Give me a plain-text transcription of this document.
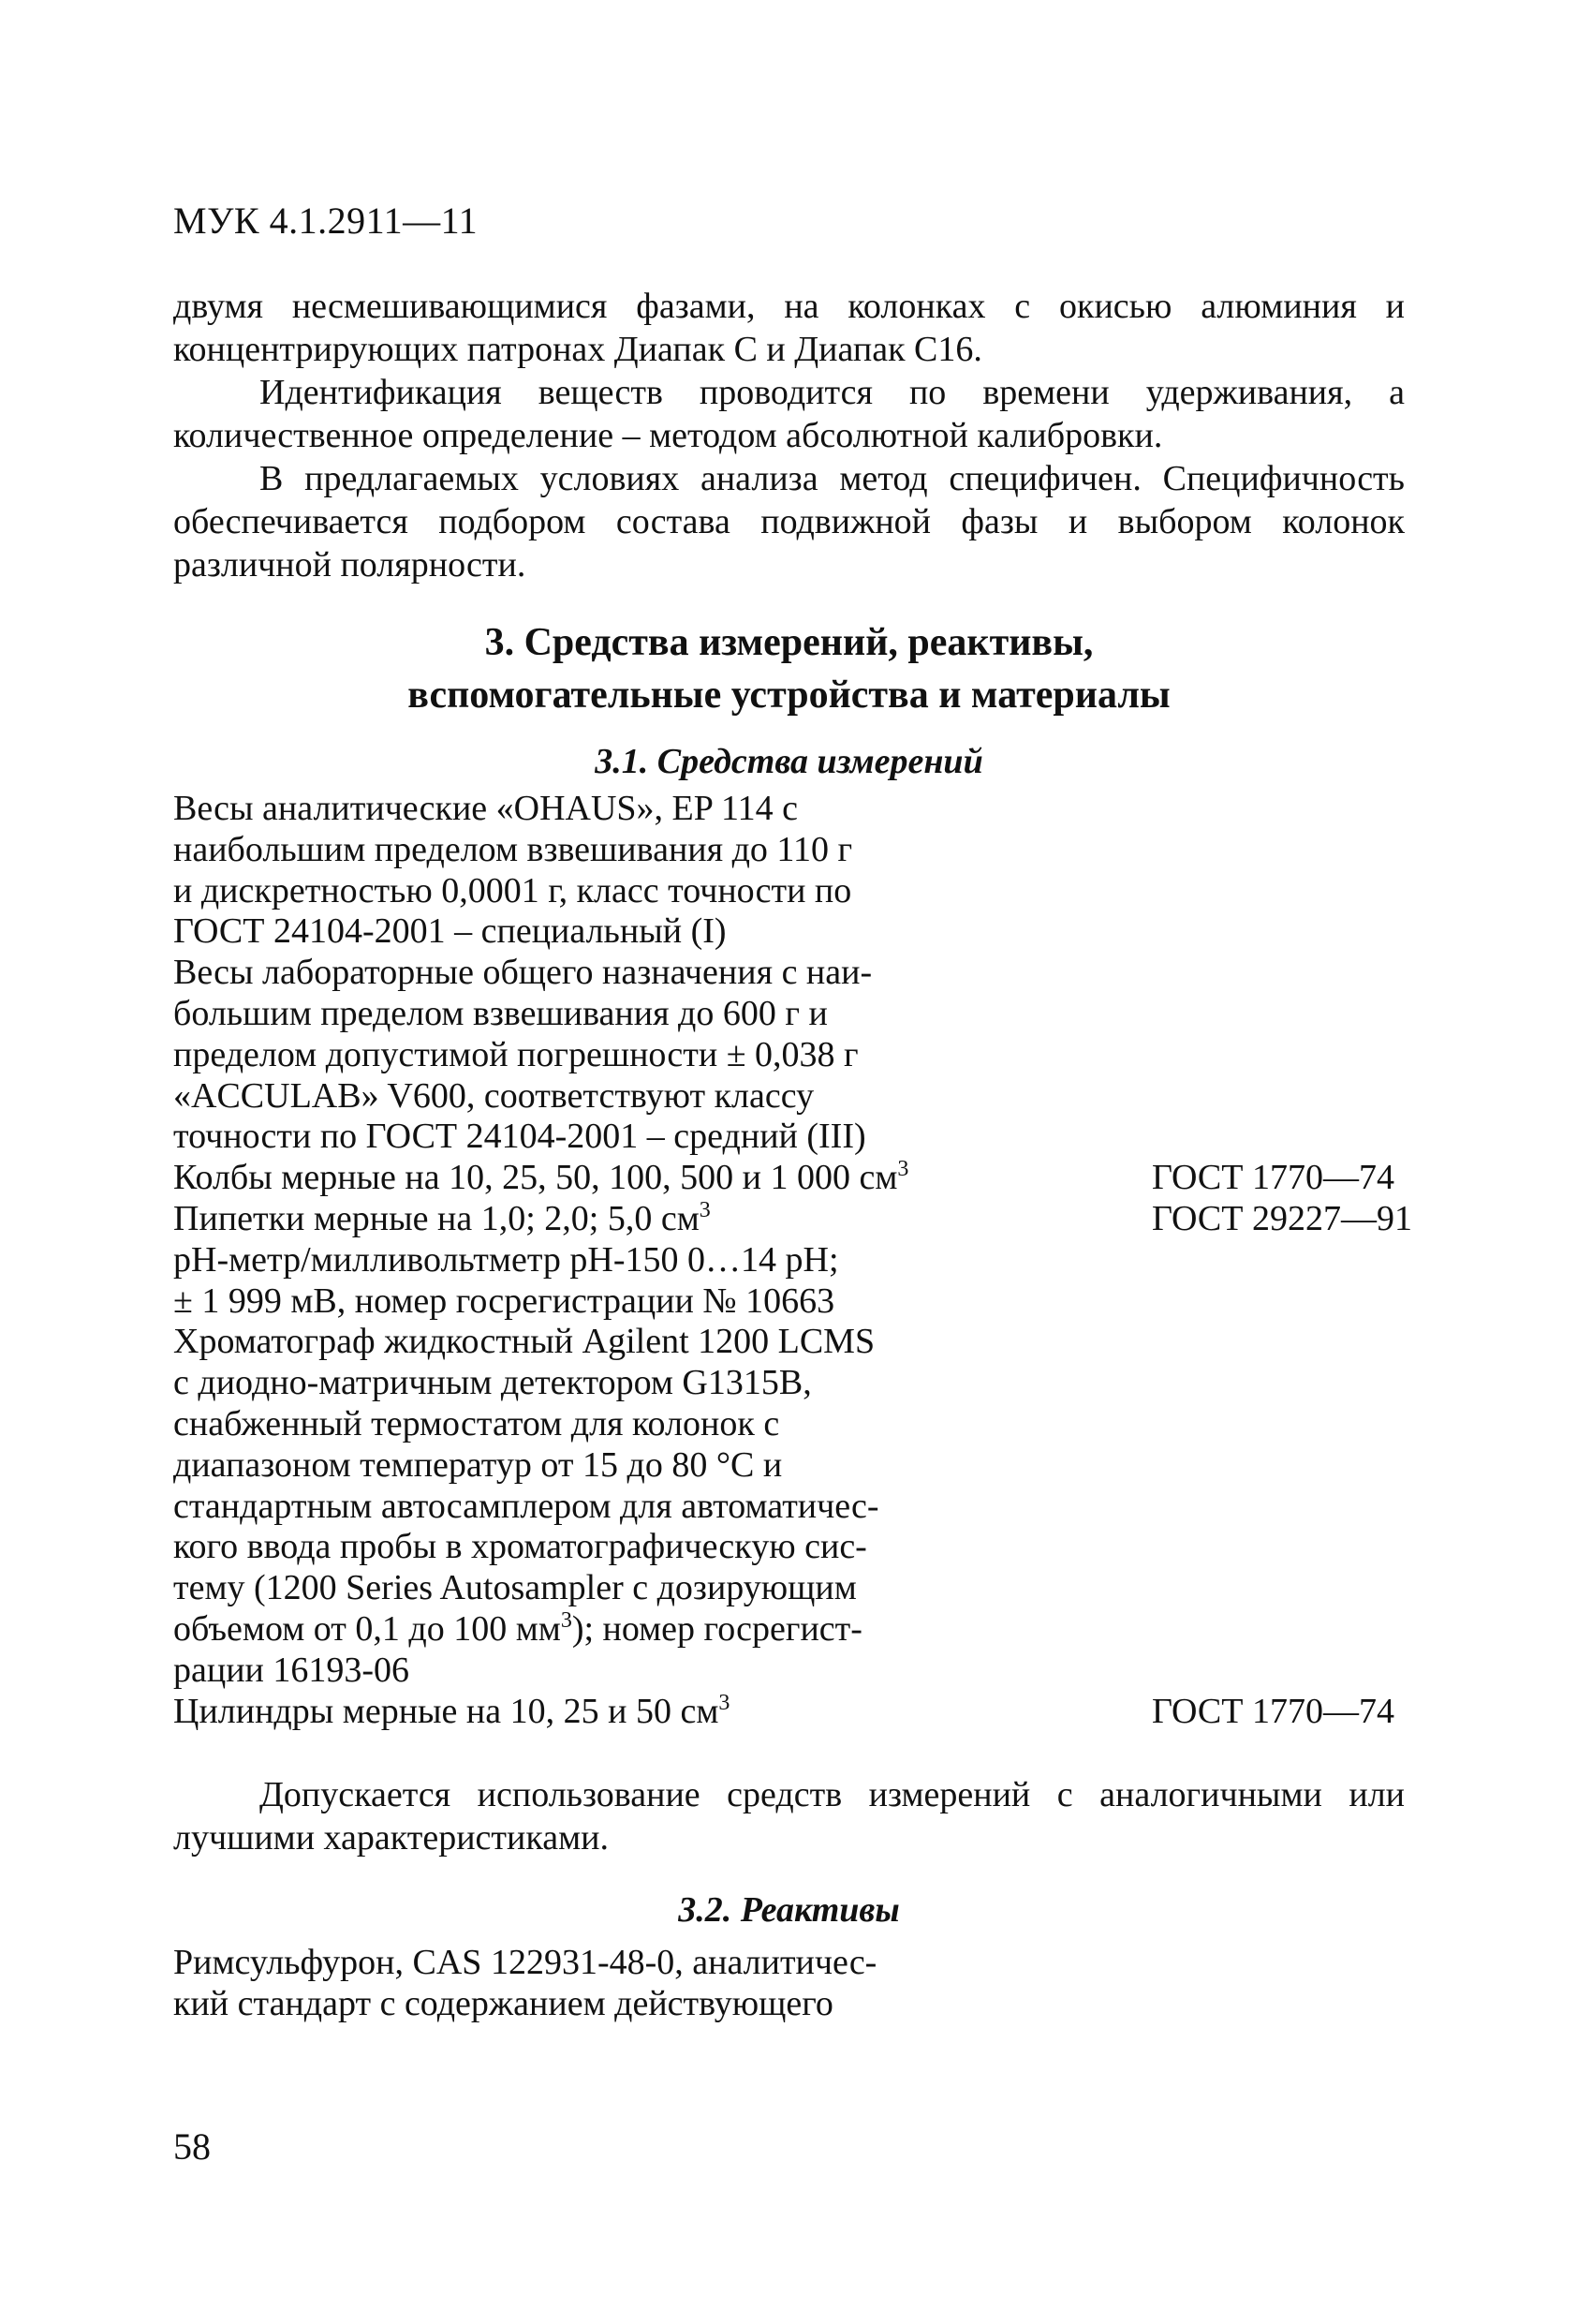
МУК 4.1.2911—11

двумя несмешивающимися фазами, на колонках с окисью алюминия и концентрирующих патронах Диапак С и Диапак С16.

Идентификация веществ проводится по времени удерживания, а количественное определение – методом абсолютной калибровки.

В предлагаемых условиях анализа метод специфичен. Специфичность обеспечивается подбором состава подвижной фазы и выбором колонок различной полярности.

3. Средства измерений, реактивы,
вспомогательные устройства и материалы
3.1. Средства измерений
Весы аналитические «OHAUS», EP 114 с
наибольшим пределом взвешивания до 110 г
и дискретностью 0,0001 г, класс точности по
ГОСТ 24104-2001 – специальный (I)
Весы лабораторные общего назначения с наи-
большим пределом взвешивания до 600 г и
пределом допустимой погрешности ± 0,038 г
«ACCULAB» V600, соответствуют классу
точности по ГОСТ 24104-2001 – средний (III)
Колбы мерные на 10, 25, 50, 100, 500 и 1 000 $см^3$	ГОСТ 1770—74
Пипетки мерные на 1,0; 2,0; 5,0 $см^3$	ГОСТ 29227—91
pH-метр/милливольтметр pH-150 0…14 pH;
± 1 999 мВ, номер госрегистрации № 10663
Хроматограф жидкостный Agilent 1200 LCMS
с диодно-матричным детектором G1315B,
снабженный термостатом для колонок с
диапазоном температур от 15 до 80 °С и
стандартным автосамплером для автоматичес-
кого ввода пробы в хроматографическую сис-
тему (1200 Series Autosampler с дозирующим
объемом от 0,1 до 100 $мм^3$); номер госрегист-
рации 16193-06
Цилиндры мерные на 10, 25 и 50 $см^3$	ГОСТ 1770—74

Допускается использование средств измерений с аналогичными или лучшими характеристиками.

3.2. Реактивы
Римсульфурон, CAS 122931-48-0, аналитичес-
кий стандарт с содержанием действующего
58
